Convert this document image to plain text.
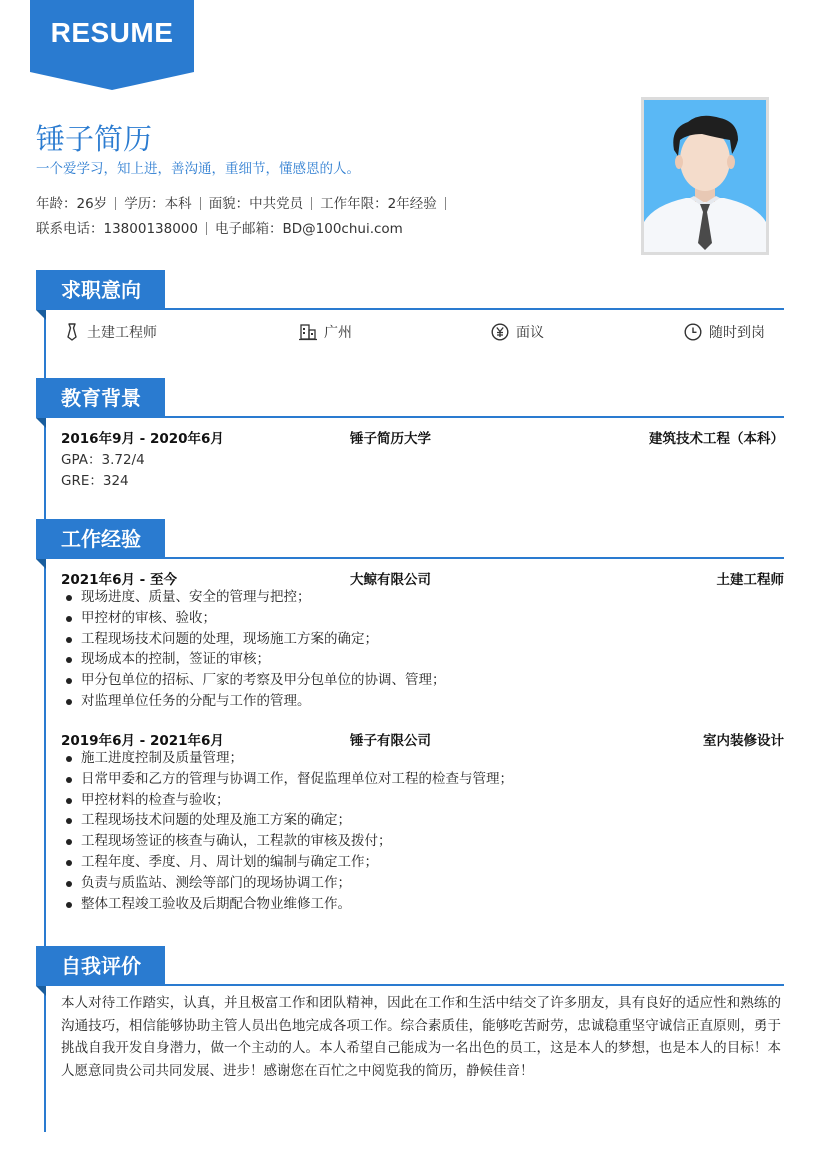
RESUME
锤子简历
一个爱学习，知上进，善沟通，重细节，懂感恩的人。
年龄：26岁 学历：本科 面貌：中共党员 工作年限：2年经验
联系电话：13800138000 电子邮箱：BD@100chui.com
求职意向
土建工程师	广州	面议	随时到岗
教育背景
2016年9月 - 2020年6月	锤子简历大学	建筑技术工程（本科）
GPA：3.72/4
GRE：324
工作经验
2021年6月 - 至今	大鲸有限公司	土建工程师
现场进度、质量、安全的管理与把控；
甲控材的审核、验收；
工程现场技术问题的处理，现场施工方案的确定；
现场成本的控制，签证的审核；
甲分包单位的招标、厂家的考察及甲分包单位的协调、管理；
对监理单位任务的分配与工作的管理。
2019年6月 - 2021年6月	锤子有限公司	室内装修设计
施工进度控制及质量管理；
日常甲委和乙方的管理与协调工作，督促监理单位对工程的检查与管理；
甲控材料的检查与验收；
工程现场技术问题的处理及施工方案的确定；
工程现场签证的核查与确认，工程款的审核及拨付；
工程年度、季度、月、周计划的编制与确定工作；
负责与质监站、测绘等部门的现场协调工作；
整体工程竣工验收及后期配合物业维修工作。
自我评价
本人对待工作踏实，认真，并且极富工作和团队精神，因此在工作和生活中结交了许多朋友，具有良好的适应性和熟练的沟通技巧，相信能够协助主管人员出色地完成各项工作。综合素质佳，能够吃苦耐劳，忠诚稳重坚守诚信正直原则，勇于挑战自我开发自身潜力，做一个主动的人。本人希望自己能成为一名出色的员工，这是本人的梦想，也是本人的目标！本人愿意同贵公司共同发展、进步！感谢您在百忙之中阅览我的简历，静候佳音！
